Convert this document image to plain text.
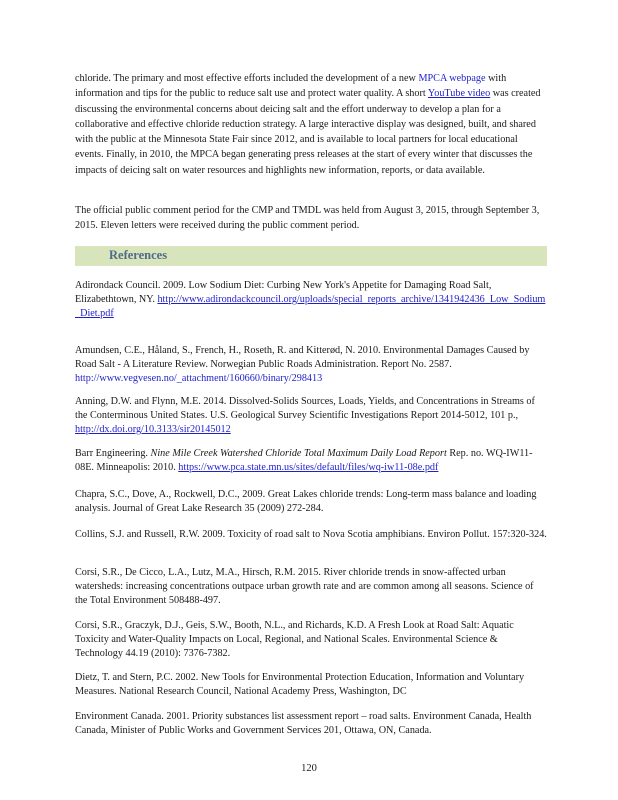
chloride. The primary and most effective efforts included the development of a new MPCA webpage with information and tips for the public to reduce salt use and protect water quality. A short YouTube video was created discussing the environmental concerns about deicing salt and the effort underway to develop a plan for a collaborative and effective chloride reduction strategy. A large interactive display was designed, built, and shared with the public at the Minnesota State Fair since 2012, and is available to local partners for local educational events. Finally, in 2010, the MPCA began generating press releases at the start of every winter that discusses the impacts of deicing salt on water resources and highlights new information, reports, or data available.
The official public comment period for the CMP and TMDL was held from August 3, 2015, through September 3, 2015. Eleven letters were received during the public comment period.
References
Adirondack Council. 2009. Low Sodium Diet: Curbing New York's Appetite for Damaging Road Salt, Elizabethtown, NY. http://www.adirondackcouncil.org/uploads/special_reports_archive/1341942436_Low_Sodium_Diet.pdf
Amundsen, C.E., Håland, S., French, H., Roseth, R. and Kitterød, N. 2010. Environmental Damages Caused by Road Salt - A Literature Review. Norwegian Public Roads Administration. Report No. 2587. http://www.vegvesen.no/_attachment/160660/binary/298413
Anning, D.W. and Flynn, M.E. 2014. Dissolved-Solids Sources, Loads, Yields, and Concentrations in Streams of the Conterminous United States. U.S. Geological Survey Scientific Investigations Report 2014-5012, 101 p., http://dx.doi.org/10.3133/sir20145012
Barr Engineering. Nine Mile Creek Watershed Chloride Total Maximum Daily Load Report Rep. no. WQ-IW11-08E. Minneapolis: 2010. https://www.pca.state.mn.us/sites/default/files/wq-iw11-08e.pdf
Chapra, S.C., Dove, A., Rockwell, D.C., 2009. Great Lakes chloride trends: Long-term mass balance and loading analysis. Journal of Great Lake Research 35 (2009) 272-284.
Collins, S.J. and Russell, R.W. 2009. Toxicity of road salt to Nova Scotia amphibians. Environ Pollut. 157:320-324.
Corsi, S.R., De Cicco, L.A., Lutz, M.A., Hirsch, R.M. 2015. River chloride trends in snow-affected urban watersheds: increasing concentrations outpace urban growth rate and are common among all seasons. Science of the Total Environment 508488-497.
Corsi, S.R., Graczyk, D.J., Geis, S.W., Booth, N.L., and Richards, K.D. A Fresh Look at Road Salt: Aquatic Toxicity and Water-Quality Impacts on Local, Regional, and National Scales. Environmental Science & Technology 44.19 (2010): 7376-7382.
Dietz, T. and Stern, P.C. 2002. New Tools for Environmental Protection Education, Information and Voluntary Measures. National Research Council, National Academy Press, Washington, DC
Environment Canada. 2001. Priority substances list assessment report – road salts. Environment Canada, Health Canada, Minister of Public Works and Government Services 201, Ottawa, ON, Canada.
120
